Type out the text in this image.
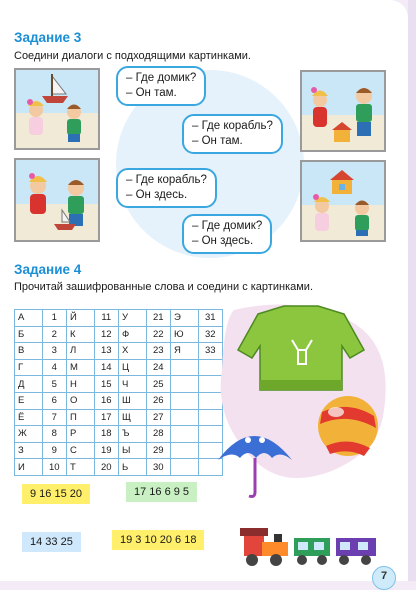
Задание 3
Соедини диалоги с подходящими картинками.
– Где домик?
– Он там.
– Где корабль?
– Он там.
– Где корабль?
– Он здесь.
– Где домик?
– Он здесь.
Задание 4
Прочитай зашифрованные слова и соедини с картинками.
А	1	Й	11	У	21	Э	31
Б	2	К	12	Ф	22	Ю	32
В	3	Л	13	Х	23	Я	33
Г	4	М	14	Ц	24		
Д	5	Н	15	Ч	25		
Е	6	О	16	Ш	26		
Ё	7	П	17	Щ	27		
Ж	8	Р	18	Ъ	28		
З	9	С	19	Ы	29		
И	10	Т	20	Ь	30		
9 16 15 20	17 16 6 9 5
14 33 25	19 3 10 20 6 18
7
